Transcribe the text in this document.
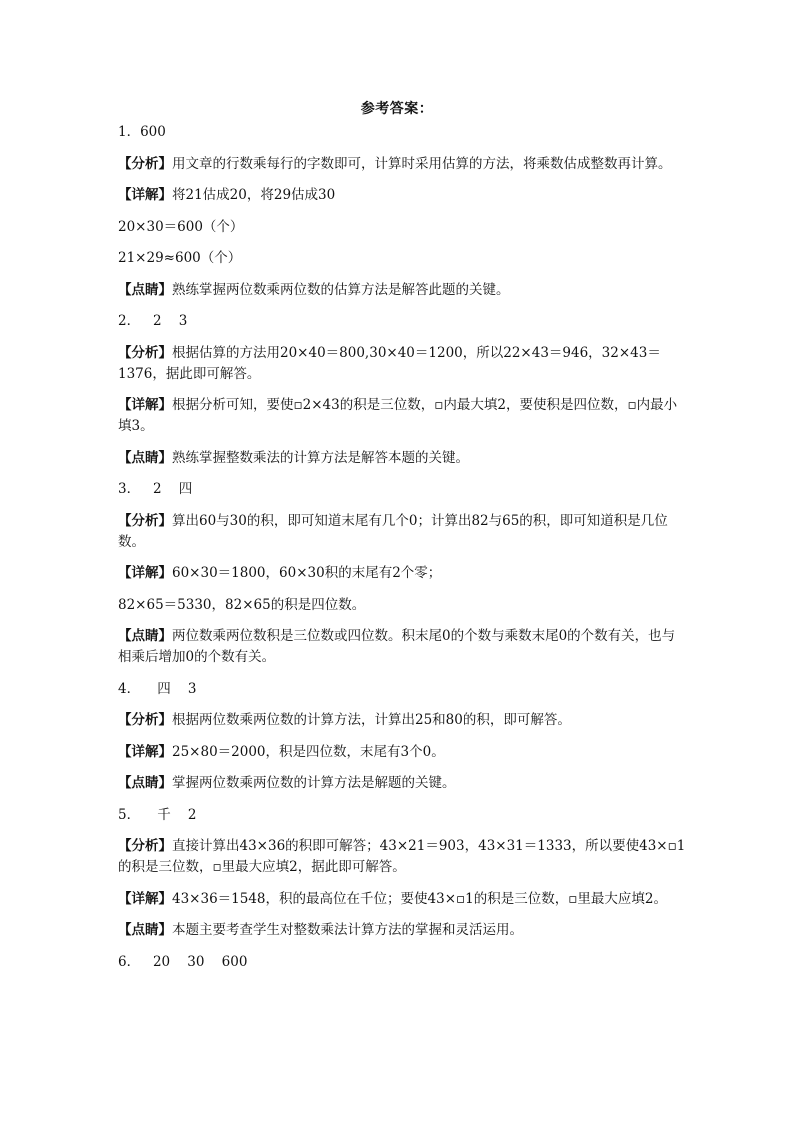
参考答案：
1．600
【分析】用文章的行数乘每行的字数即可，计算时采用估算的方法，将乘数估成整数再计算。
【详解】将21估成20，将29估成30
20×30＝600（个）
21×29≈600（个）
【点睛】熟练掌握两位数乘两位数的估算方法是解答此题的关键。
2．   2    3
【分析】根据估算的方法用20×40＝800,30×40＝1200，所以22×43＝946，32×43＝1376，据此即可解答。
【详解】根据分析可知，要使▫2×43的积是三位数，▫内最大填2，要使积是四位数，▫内最小填3。
【点睛】熟练掌握整数乘法的计算方法是解答本题的关键。
3．   2    四
【分析】算出60与30的积，即可知道末尾有几个0；计算出82与65的积，即可知道积是几位数。
【详解】60×30＝1800，60×30积的末尾有2个零；
82×65＝5330，82×65的积是四位数。
【点睛】两位数乘两位数积是三位数或四位数。积末尾0的个数与乘数末尾0的个数有关，也与相乘后增加0的个数有关。
4．    四    3
【分析】根据两位数乘两位数的计算方法，计算出25和80的积，即可解答。
【详解】25×80＝2000，积是四位数，末尾有3个0。
【点睛】掌握两位数乘两位数的计算方法是解题的关键。
5．    千    2
【分析】直接计算出43×36的积即可解答；43×21＝903，43×31＝1333，所以要使43×▫1的积是三位数，▫里最大应填2，据此即可解答。
【详解】43×36＝1548，积的最高位在千位；要使43×▫1的积是三位数，▫里最大应填2。
【点睛】本题主要考查学生对整数乘法计算方法的掌握和灵活运用。
6．   20    30    600
